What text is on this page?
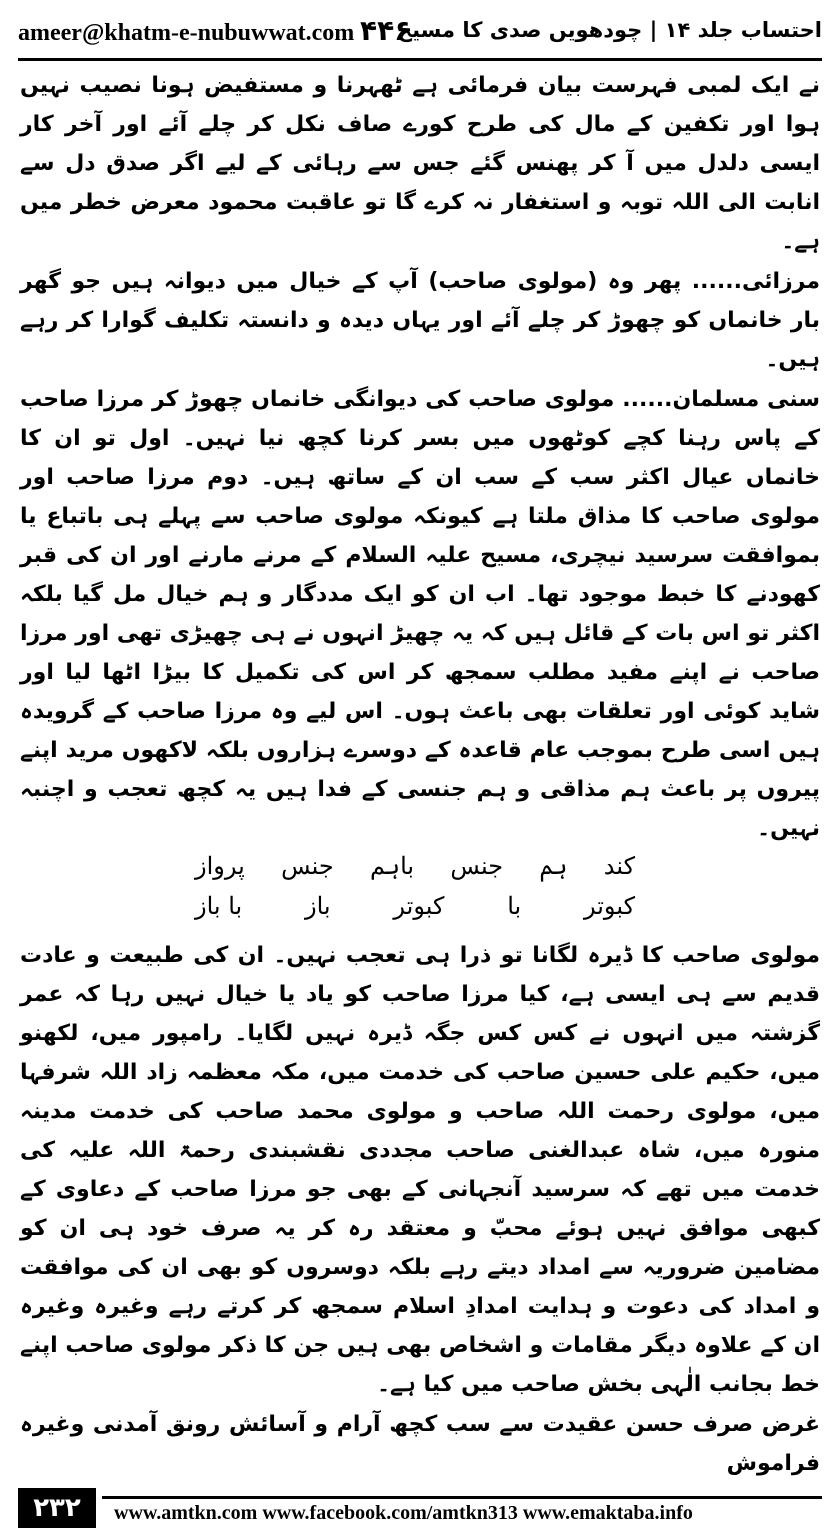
ameer@khatm-e-nubuwwat.com ۴۴۶
احتساب جلد ۱۴ | چودھویں صدی کا مسیح

نے ایک لمبی فہرست بیان فرمائی ہے ٹھہرنا و مستفیض ہونا نصیب نہیں ہوا اور تکفین کے مال کی طرح کورے صاف نکل کر چلے آئے اور آخر کار ایسی دلدل میں آ کر پھنس گئے جس سے رہائی کے لیے اگر صدق دل سے انابت الی اللہ توبہ و استغفار نہ کرے گا تو عاقبت محمود معرض خطر میں ہے۔

مرزائی...... پھر وہ (مولوی صاحب) آپ کے خیال میں دیوانہ ہیں جو گھر بار خانماں کو چھوڑ کر چلے آئے اور یہاں دیدہ و دانستہ تکلیف گوارا کر رہے ہیں۔

سنی مسلمان...... مولوی صاحب کی دیوانگی خانماں چھوڑ کر مرزا صاحب کے پاس رہنا کچے کوٹھوں میں بسر کرنا کچھ نیا نہیں۔ اول تو ان کا خانماں عیال اکثر سب کے سب ان کے ساتھ ہیں۔ دوم مرزا صاحب اور مولوی صاحب کا مذاق ملتا ہے کیونکہ مولوی صاحب سے پہلے ہی باتباع یا بموافقت سرسید نیچری، مسیح علیہ السلام کے مرنے مارنے اور ان کی قبر کھودنے کا خبط موجود تھا۔ اب ان کو ایک مددگار و ہم خیال مل گیا بلکہ اکثر تو اس بات کے قائل ہیں کہ یہ چھیڑ انہوں نے ہی چھیڑی تھی اور مرزا صاحب نے اپنے مفید مطلب سمجھ کر اس کی تکمیل کا بیڑا اٹھا لیا اور شاید کوئی اور تعلقات بھی باعث ہوں۔ اس لیے وہ مرزا صاحب کے گرویدہ ہیں اسی طرح بموجب عام قاعدہ کے دوسرے ہزاروں بلکہ لاکھوں مرید اپنے پیروں پر باعث ہم مذاقی و ہم جنسی کے فدا ہیں یہ کچھ تعجب و اچنبہ نہیں۔

کند
ہم
جنس
باہم
جنس
پرواز
کبوتر
با
کبوتر
باز
با باز

مولوی صاحب کا ڈیرہ لگانا تو ذرا ہی تعجب نہیں۔ ان کی طبیعت و عادت قدیم سے ہی ایسی ہے، کیا مرزا صاحب کو یاد یا خیال نہیں رہا کہ عمر گزشتہ میں انہوں نے کس کس جگہ ڈیرہ نہیں لگایا۔ رامپور میں، لکھنو میں، حکیم علی حسین صاحب کی خدمت میں، مکہ معظمہ زاد اللہ شرفہا میں، مولوی رحمت اللہ صاحب و مولوی محمد صاحب کی خدمت مدینہ منورہ میں، شاہ عبدالغنی صاحب مجددی نقشبندی رحمۃ اللہ علیہ کی خدمت میں تھے کہ سرسید آنجہانی کے بھی جو مرزا صاحب کے دعاوی کے کبھی موافق نہیں ہوئے محبّ و معتقد رہ کر یہ صرف خود ہی ان کو مضامین ضروریہ سے امداد دیتے رہے بلکہ دوسروں کو بھی ان کی موافقت و امداد کی دعوت و ہدایت امدادِ اسلام سمجھ کر کرتے رہے وغیرہ وغیرہ ان کے علاوہ دیگر مقامات و اشخاص بھی ہیں جن کا ذکر مولوی صاحب اپنے خط بجانب الٰہی بخش صاحب میں کیا ہے۔

غرض صرف حسن عقیدت سے سب کچھ آرام و آسائش رونق آمدنی وغیرہ فراموش

۲۳۲	www.amtkn.com www.facebook.com/amtkn313 www.emaktaba.info
